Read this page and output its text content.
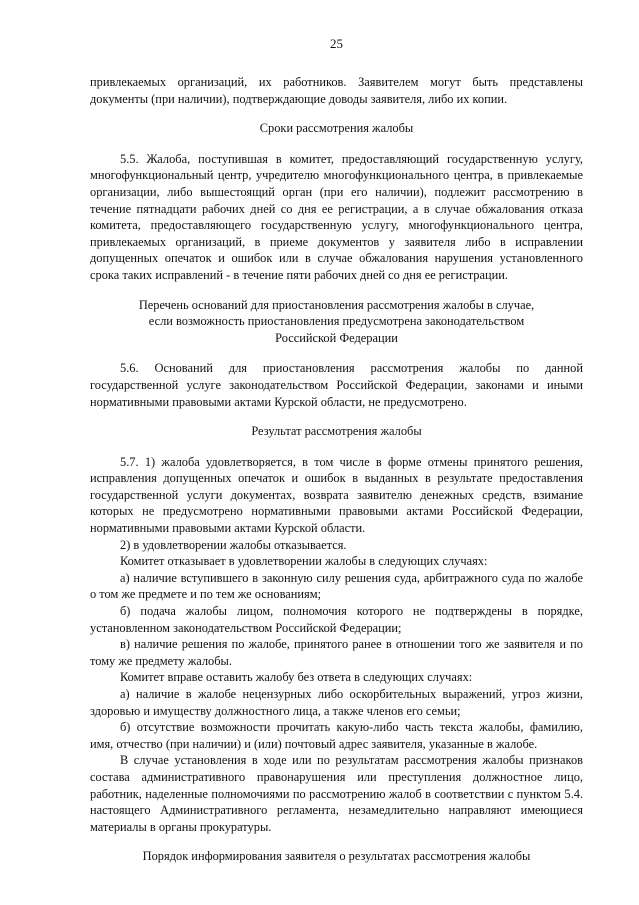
25

привлекаемых организаций, их работников. Заявителем могут быть представлены документы (при наличии), подтверждающие доводы заявителя, либо их копии.

Сроки рассмотрения жалобы

5.5. Жалоба, поступившая в комитет, предоставляющий государственную услугу, многофункциональный центр, учредителю многофункционального центра, в привлекаемые организации, либо вышестоящий орган (при его наличии), подлежит рассмотрению в течение пятнадцати рабочих дней со дня ее регистрации, а в случае обжалования отказа комитета, предоставляющего государственную услугу, многофункционального центра, привлекаемых организаций, в приеме документов у заявителя либо в исправлении допущенных опечаток и ошибок или в случае обжалования нарушения установленного срока таких исправлений - в течение пяти рабочих дней со дня ее регистрации.

Перечень оснований для приостановления рассмотрения жалобы в случае,
если возможность приостановления предусмотрена законодательством
Российской Федерации

5.6. Оснований для приостановления рассмотрения жалобы по данной государственной услуге законодательством Российской Федерации, законами и иными нормативными правовыми актами Курской области, не предусмотрено.

Результат рассмотрения жалобы

5.7. 1) жалоба удовлетворяется, в том числе в форме отмены принятого решения, исправления допущенных опечаток и ошибок в выданных в результате предоставления государственной услуги документах, возврата заявителю денежных средств, взимание которых не предусмотрено нормативными правовыми актами Российской Федерации, нормативными правовыми актами Курской области.

2) в удовлетворении жалобы отказывается.

Комитет отказывает в удовлетворении жалобы в следующих случаях:

а) наличие вступившего в законную силу решения суда, арбитражного суда по жалобе о том же предмете и по тем же основаниям;

б) подача жалобы лицом, полномочия которого не подтверждены в порядке, установленном законодательством Российской Федерации;

в) наличие решения по жалобе, принятого ранее в отношении того же заявителя и по тому же предмету жалобы.

Комитет вправе оставить жалобу без ответа в следующих случаях:

а) наличие в жалобе нецензурных либо оскорбительных выражений, угроз жизни, здоровью и имуществу должностного лица, а также членов его семьи;

б) отсутствие возможности прочитать какую-либо часть текста жалобы, фамилию, имя, отчество (при наличии) и (или) почтовый адрес заявителя, указанные в жалобе.

В случае установления в ходе или по результатам рассмотрения жалобы признаков состава административного правонарушения или преступления должностное лицо, работник, наделенные полномочиями по рассмотрению жалоб в соответствии с пунктом 5.4. настоящего Административного регламента, незамедлительно направляют имеющиеся материалы в органы прокуратуры.

Порядок информирования заявителя о результатах рассмотрения жалобы
